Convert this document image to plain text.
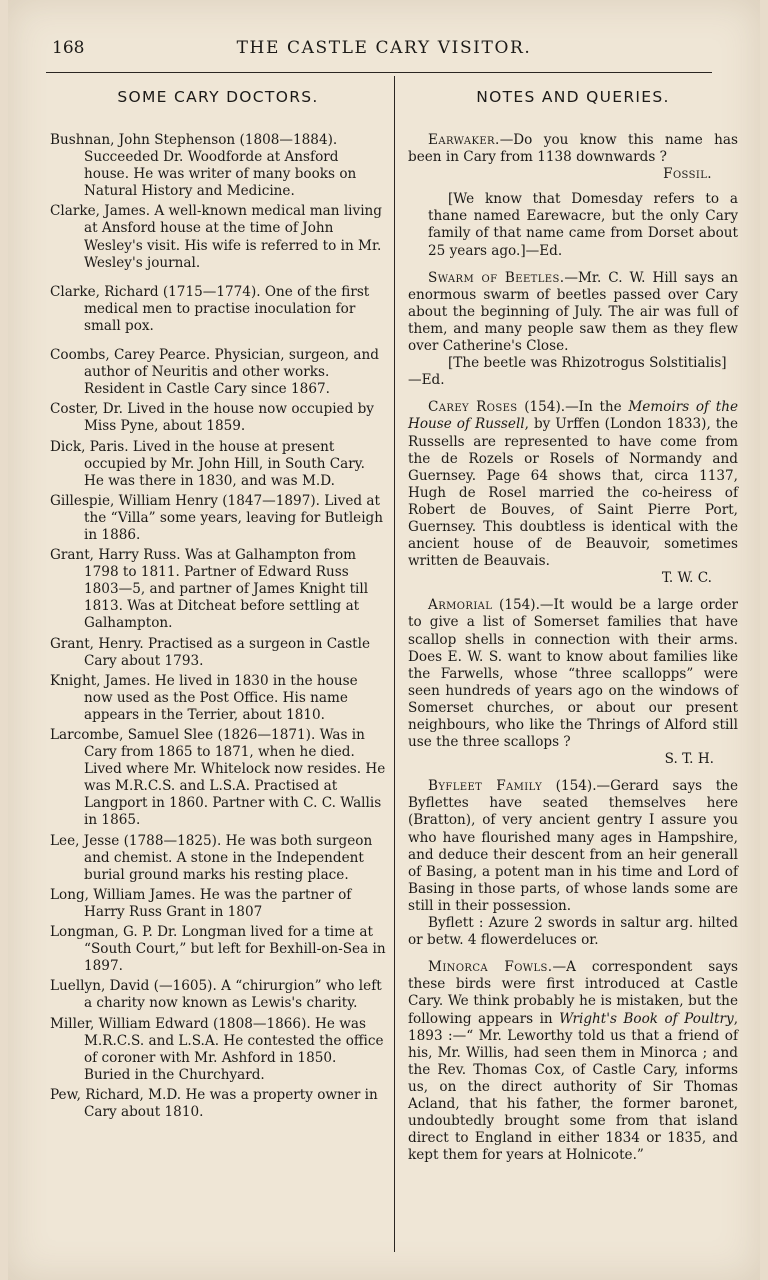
168	THE CASTLE CARY VISITOR.
SOME CARY DOCTORS.
Bushnan, John Stephenson (1808—1884). Succeeded Dr. Woodforde at Ansford house. He was writer of many books on Natural History and Medicine.
Clarke, James. A well-known medical man living at Ansford house at the time of John Wesley's visit. His wife is referred to in Mr. Wesley's journal.
Clarke, Richard (1715—1774). One of the first medical men to practise inoculation for small pox.
Coombs, Carey Pearce. Physician, surgeon, and author of Neuritis and other works. Resident in Castle Cary since 1867.
Coster, Dr. Lived in the house now occupied by Miss Pyne, about 1859.
Dick, Paris. Lived in the house at present occupied by Mr. John Hill, in South Cary. He was there in 1830, and was M.D.
Gillespie, William Henry (1847—1897). Lived at the “Villa” some years, leaving for Butleigh in 1886.
Grant, Harry Russ. Was at Galhampton from 1798 to 1811. Partner of Edward Russ 1803—5, and partner of James Knight till 1813. Was at Ditcheat before settling at Galhampton.
Grant, Henry. Practised as a surgeon in Castle Cary about 1793.
Knight, James. He lived in 1830 in the house now used as the Post Office. His name appears in the Terrier, about 1810.
Larcombe, Samuel Slee (1826—1871). Was in Cary from 1865 to 1871, when he died. Lived where Mr. Whitelock now resides. He was M.R.C.S. and L.S.A. Practised at Langport in 1860. Partner with C. C. Wallis in 1865.
Lee, Jesse (1788—1825). He was both surgeon and chemist. A stone in the Independent burial ground marks his resting place.
Long, William James. He was the partner of Harry Russ Grant in 1807
Longman, G. P. Dr. Longman lived for a time at “South Court,” but left for Bexhill-on-Sea in 1897.
Luellyn, David (—1605). A “chirurgion” who left a charity now known as Lewis's charity.
Miller, William Edward (1808—1866). He was M.R.C.S. and L.S.A. He contested the office of coroner with Mr. Ashford in 1850. Buried in the Churchyard.
Pew, Richard, M.D. He was a property owner in Cary about 1810.
NOTES AND QUERIES.

Earwaker.—Do you know this name has been in Cary from 1138 downwards ?

Fossil.

[We know that Domesday refers to a thane named Earewacre, but the only Cary family of that name came from Dorset about 25 years ago.]—Ed.

Swarm of Beetles.—Mr. C. W. Hill says an enormous swarm of beetles passed over Cary about the beginning of July. The air was full of them, and many people saw them as they flew over Catherine's Close.

[The beetle was Rhizotrogus Solstitialis]

—Ed.

Carey Roses (154).—In the Memoirs of the House of Russell, by Urffen (London 1833), the Russells are represented to have come from the de Rozels or Rosels of Normandy and Guernsey. Page 64 shows that, circa 1137, Hugh de Rosel married the co-heiress of Robert de Bouves, of Saint Pierre Port, Guernsey. This doubtless is identical with the ancient house of de Beauvoir, sometimes written de Beauvais.

T. W. C.

Armorial (154).—It would be a large order to give a list of Somerset families that have scallop shells in connection with their arms. Does E. W. S. want to know about families like the Farwells, whose “three scallopps” were seen hundreds of years ago on the windows of Somerset churches, or about our present neighbours, who like the Thrings of Alford still use the three scallops ?

S. T. H.

Byfleet Family (154).—Gerard says the Byflettes have seated themselves here (Bratton), of very ancient gentry I assure you who have flourished many ages in Hampshire, and deduce their descent from an heir generall of Basing, a potent man in his time and Lord of Basing in those parts, of whose lands some are still in their possession.

Byflett : Azure 2 swords in saltur arg. hilted or betw. 4 flowerdeluces or.

Minorca Fowls.—A correspondent says these birds were first introduced at Castle Cary. We think probably he is mistaken, but the following appears in Wright's Book of Poultry, 1893 :—“ Mr. Leworthy told us that a friend of his, Mr. Willis, had seen them in Minorca ; and the Rev. Thomas Cox, of Castle Cary, informs us, on the direct authority of Sir Thomas Acland, that his father, the former baronet, undoubtedly brought some from that island direct to England in either 1834 or 1835, and kept them for years at Holnicote.”
